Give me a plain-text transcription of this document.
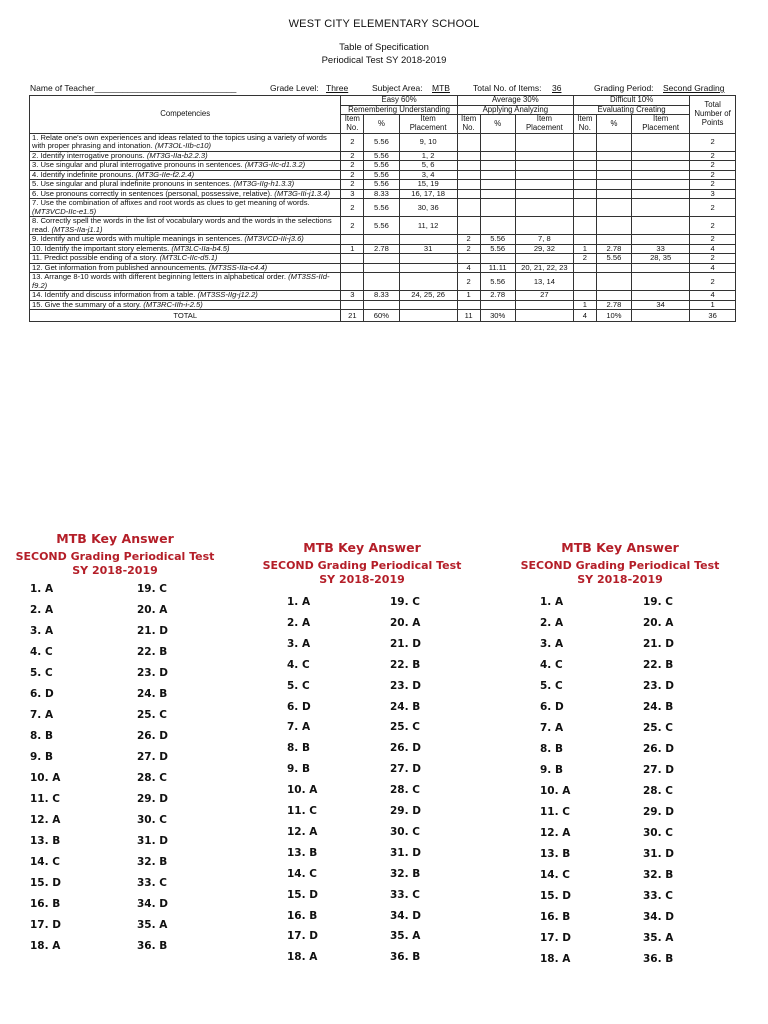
WEST CITY ELEMENTARY SCHOOL
Table of Specification
Periodical Test SY 2018-2019
Name of Teacher______________________________	Grade Level: Three	Subject Area: MTB	Total No. of Items: 36	Grading Period: Second Grading
Competencies	Easy 60%			Average 30%			Difficult 10%			Total Number of Points
	Remembering Understanding			Applying Analyzing			Evaluating Creating			
	Item No.	%	Item Placement	Item No.	%	Item Placement	Item No.	%	Item Placement	
1. Relate one's own experiences and ideas related to the topics using a variety of words with proper phrasing and intonation. (MT3OL-IIb-c10)	2	5.56	9, 10							2
2. Identify interrogative pronouns. (MT3G-IIa-b2.2.3)	2	5.56	1, 2							2
3. Use singular and plural interrogative pronouns in sentences. (MT3G-IIc-d1.3.2)	2	5.56	5, 6							2
4. Identify indefinite pronouns. (MT3G-IIe-f2.2.4)	2	5.56	3, 4							2
5. Use singular and plural indefinite pronouns in sentences. (MT3G-IIg-h1.3.3)	2	5.56	15, 19							2
6. Use pronouns correctly in sentences (personal, possessive, relative). (MT3G-IIi-j1.3.4)	3	8.33	16, 17, 18							3
7. Use the combination of affixes and root words as clues to get meaning of words. (MT3VCD-IIc-e1.5)	2	5.56	30, 36							2
8. Correctly spell the words in the list of vocabulary words and the words in the selections read. (MT3S-IIa-j1.1)	2	5.56	11, 12							2
9. Identify and use words with multiple meanings in sentences. (MT3VCD-IIi-j3.6)				2	5.56	7, 8				2
10. Identify the important story elements. (MT3LC-IIa-b4.5)	1	2.78	31	2	5.56	29, 32	1	2.78	33	4
11. Predict possible ending of a story. (MT3LC-IIc-d5.1)							2	5.56	28, 35	2
12. Get information from published announcements. (MT3SS-IIa-c4.4)				4	11.11	20, 21, 22, 23				4
13. Arrange 8-10 words with different beginning letters in alphabetical order. (MT3SS-IId-f9.2)				2	5.56	13, 14				2
14. Identify and discuss information from a table. (MT3SS-IIg-j12.2)	3	8.33	24, 25, 26	1	2.78	27				4
15. Give the summary of a story. (MT3RC-IIh-i-2.5)							1	2.78	34	1
TOTAL	21	60%		11	30%		4	10%		36
MTB Key Answer
SECOND Grading Periodical Test
SY 2018-2019
1. A
2. A
3. A
4. C
5. C
6. D
7. A
8. B
9. B
10. A
11. C
12. A
13. B
14. C
15. D
16. B
17. D
18. A
19. C
20. A
21. D
22. B
23. D
24. B
25. C
26. D
27. D
28. C
29. D
30. C
31. D
32. B
33. C
34. D
35. A
36. B
MTB Key Answer
SECOND Grading Periodical Test
SY 2018-2019
1. A
2. A
3. A
4. C
5. C
6. D
7. A
8. B
9. B
10. A
11. C
12. A
13. B
14. C
15. D
16. B
17. D
18. A
19. C
20. A
21. D
22. B
23. D
24. B
25. C
26. D
27. D
28. C
29. D
30. C
31. D
32. B
33. C
34. D
35. A
36. B
MTB Key Answer
SECOND Grading Periodical Test
SY 2018-2019
1. A
2. A
3. A
4. C
5. C
6. D
7. A
8. B
9. B
10. A
11. C
12. A
13. B
14. C
15. D
16. B
17. D
18. A
19. C
20. A
21. D
22. B
23. D
24. B
25. C
26. D
27. D
28. C
29. D
30. C
31. D
32. B
33. C
34. D
35. A
36. B
